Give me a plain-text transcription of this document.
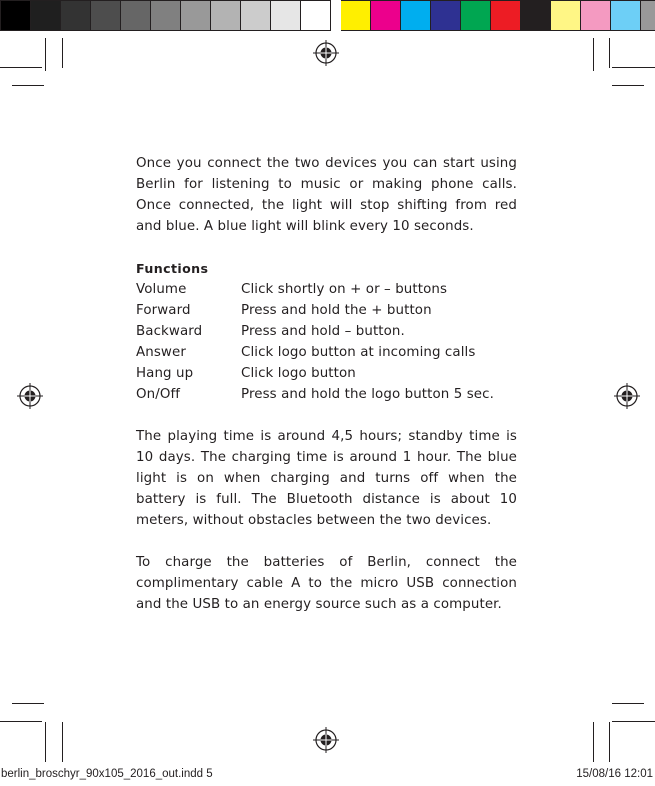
Once you connect the two devices you can start using Berlin for listening to music or making phone calls. Once connected, the light will stop shifting from red and blue. A blue light will blink every 10 seconds.

Functions
Volume	Click shortly on + or – buttons
Forward	Press and hold the + button
Backward	Press and hold – button.
Answer	Click logo button at incoming calls
Hang up	Click logo button
On/Off	Press and hold the logo button 5 sec.

The playing time is around 4,5 hours; standby time is 10 days. The charging time is around 1 hour. The blue light is on when charging and turns off when the battery is full. The Bluetooth distance is about 10 meters, without obstacles between the two devices.

To charge the batteries of Berlin, connect the complimentary cable A to the micro USB connection and the USB to an energy source such as a computer.

berlin_broschyr_90x105_2016_out.indd 5	15/08/16 12:01
